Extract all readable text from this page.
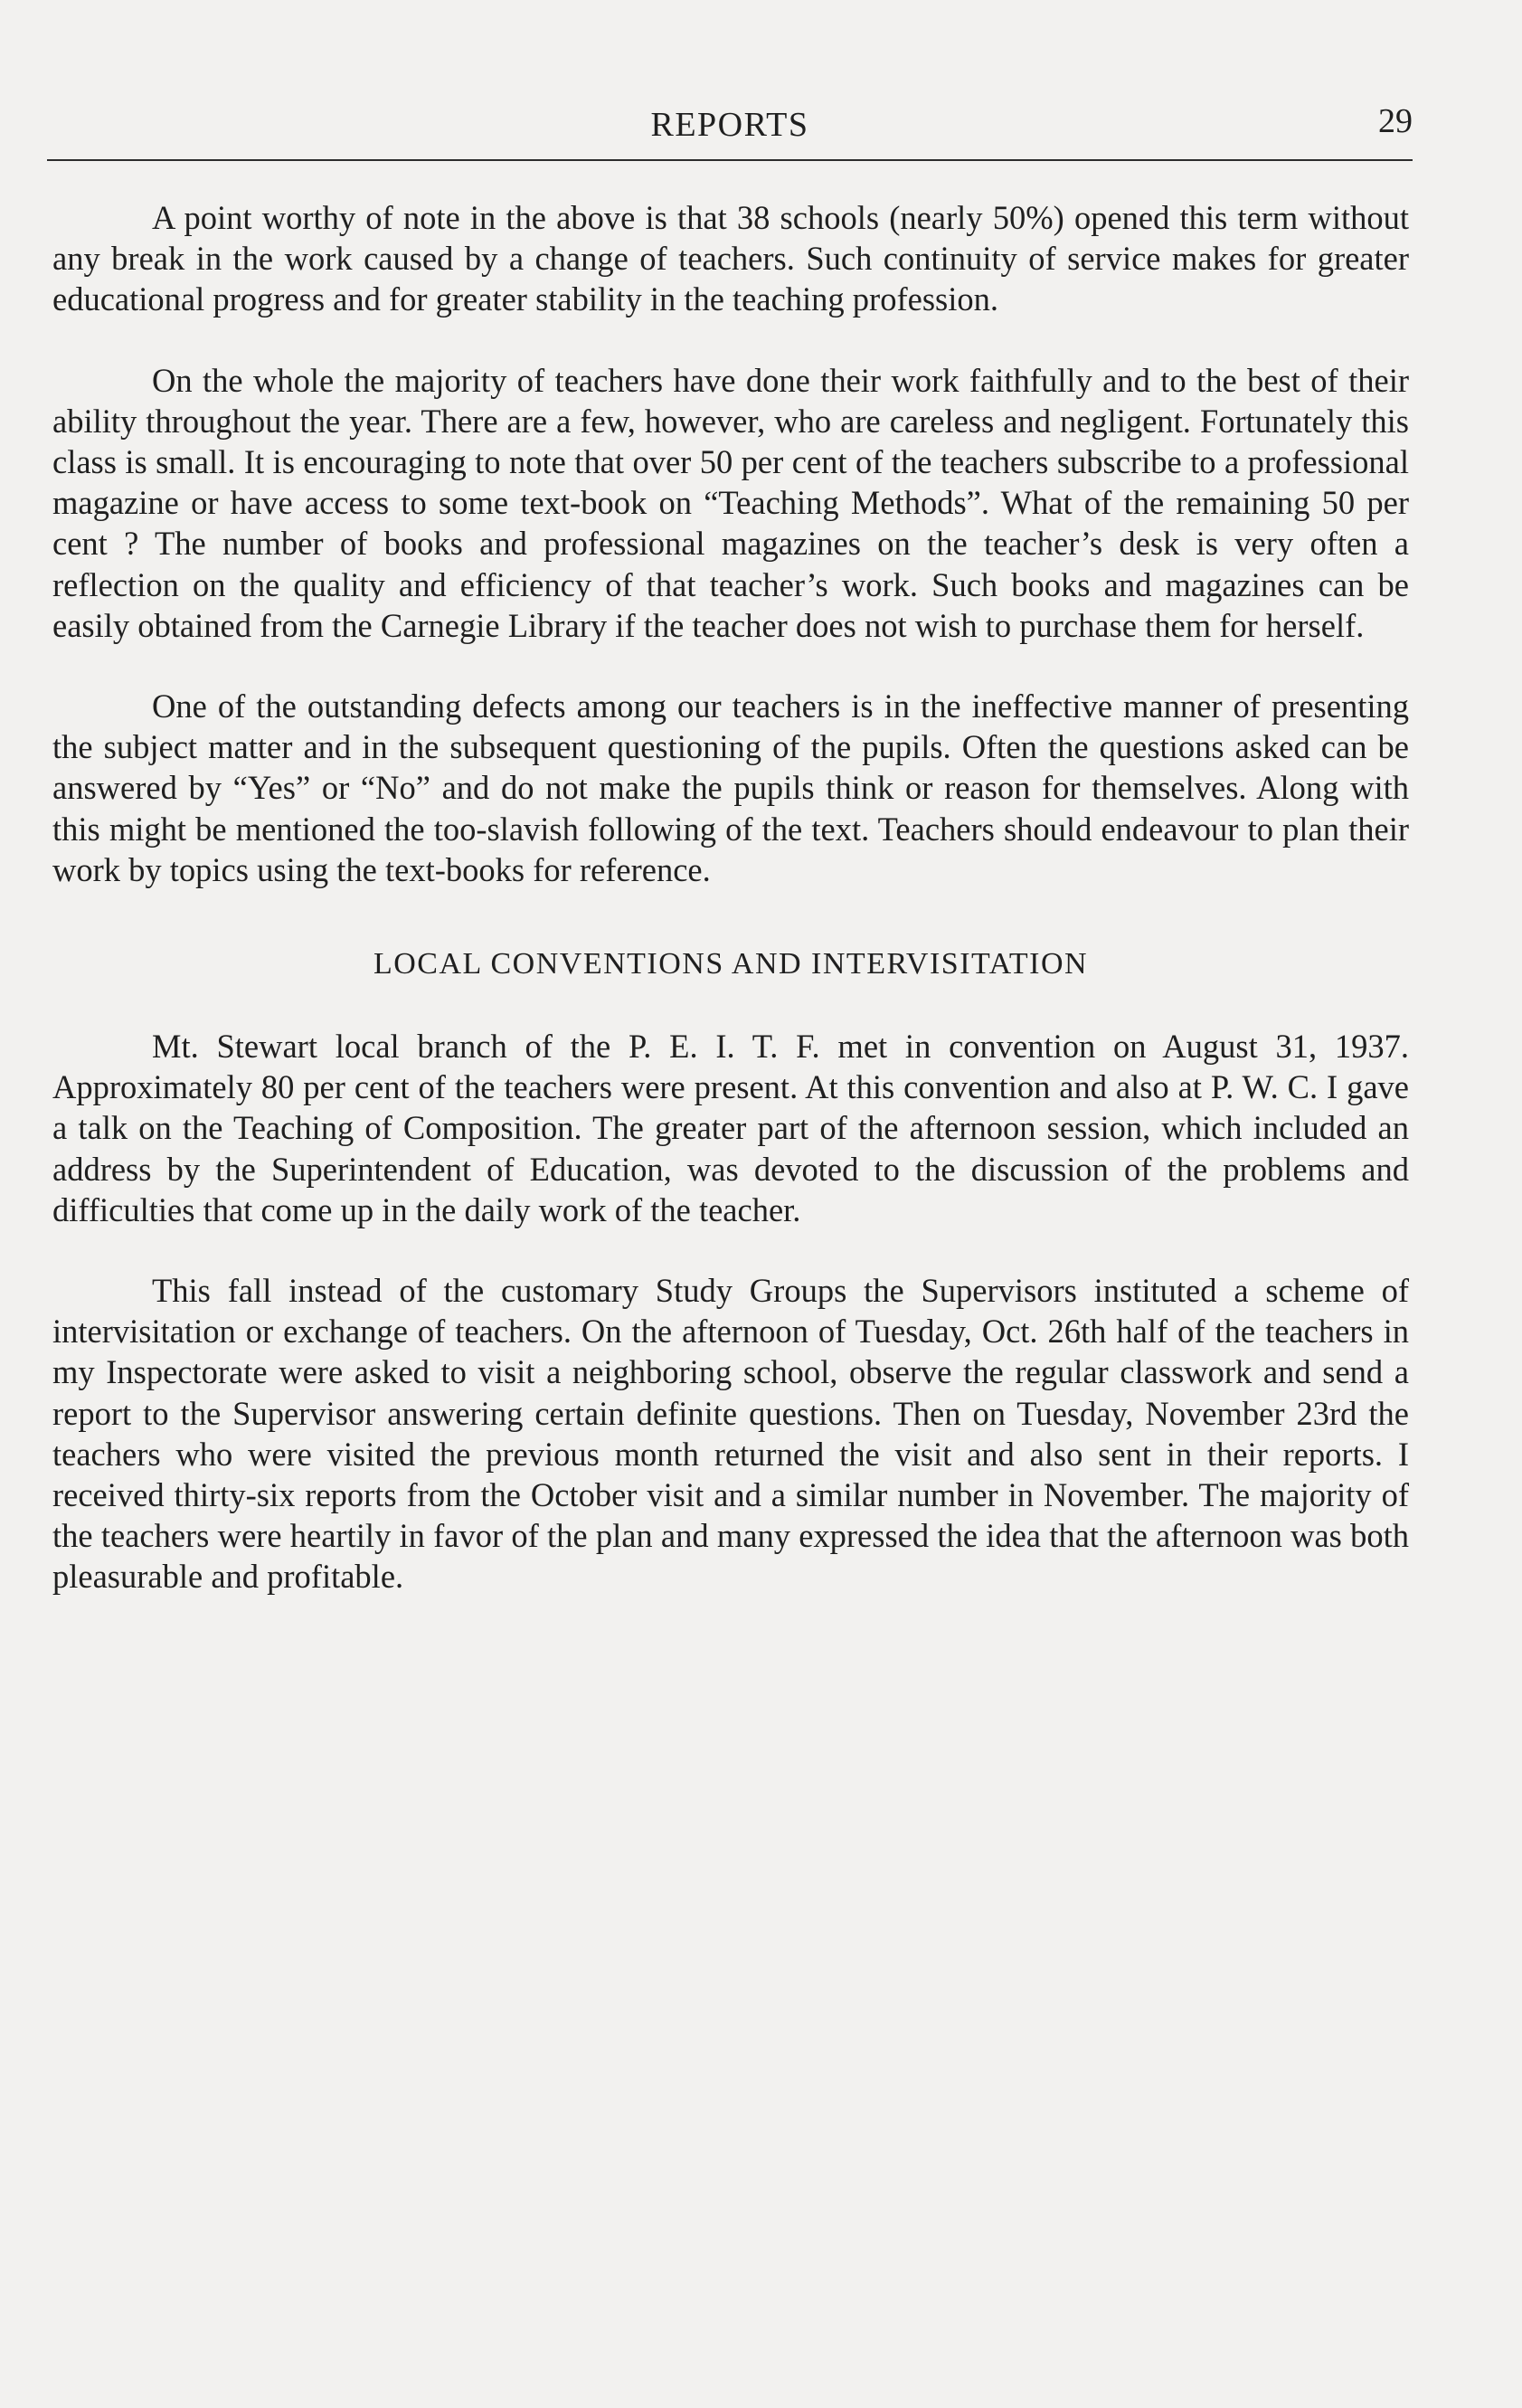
REPORTS	29

A point worthy of note in the above is that 38 schools (nearly 50%) opened this term without any break in the work caused by a change of teachers. Such continuity of service makes for greater educational progress and for greater stability in the teaching profession.

On the whole the majority of teachers have done their work faithfully and to the best of their ability throughout the year. There are a few, however, who are careless and negligent. Fortunately this class is small. It is encouraging to note that over 50 per cent of the teachers subscribe to a professional magazine or have access to some text-book on “Teaching Methods”. What of the remaining 50 per cent ? The number of books and professional magazines on the teacher’s desk is very often a reflection on the quality and efficiency of that teacher’s work. Such books and magazines can be easily obtained from the Carnegie Library if the teacher does not wish to purchase them for herself.

One of the outstanding defects among our teachers is in the ineffective manner of presenting the subject matter and in the subsequent questioning of the pupils. Often the questions asked can be answered by “Yes” or “No” and do not make the pupils think or reason for themselves. Along with this might be mentioned the too-slavish following of the text. Teachers should endeavour to plan their work by topics using the text-books for reference.

LOCAL CONVENTIONS AND INTERVISITATION

Mt. Stewart local branch of the P. E. I. T. F. met in convention on August 31, 1937. Approximately 80 per cent of the teachers were present. At this convention and also at P. W. C. I gave a talk on the Teaching of Composition. The greater part of the afternoon session, which included an address by the Superintendent of Education, was devoted to the discussion of the problems and difficulties that come up in the daily work of the teacher.

This fall instead of the customary Study Groups the Supervisors instituted a scheme of intervisitation or exchange of teachers. On the afternoon of Tuesday, Oct. 26th half of the teachers in my Inspectorate were asked to visit a neighboring school, observe the regular classwork and send a report to the Supervisor answering certain definite questions. Then on Tuesday, November 23rd the teachers who were visited the previous month returned the visit and also sent in their reports. I received thirty-six reports from the October visit and a similar number in November. The majority of the teachers were heartily in favor of the plan and many expressed the idea that the afternoon was both pleasurable and profitable.
